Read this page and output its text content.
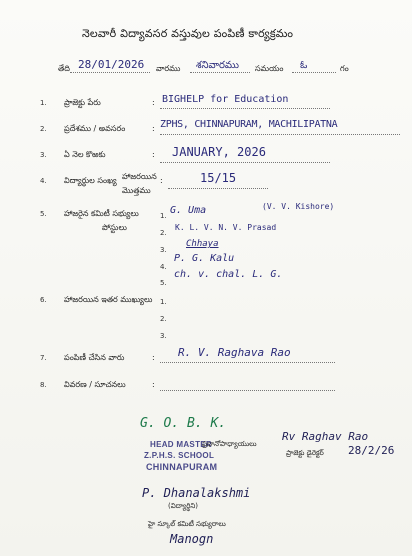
నెలవారీ విద్యావసర వస్తువుల పంపిణీ కార్యక్రమం
తేది 28/01/2026 వారము శనివారము సమయం ఓ	గం
1. ప్రాజెక్టు పేరు	: BIGHELP for Education
2. ప్రదేశము / అవసరం	: ZPHS, CHINNAPURAM, MACHILIPATNA
3. ఏ నెల కొఱకు	: JANUARY, 2026
4. విద్యార్థుల సంఖ్య హాజరయిన
మొత్తము
:	15/15
5. హాజరైన కమిటీ సభ్యులు
పోస్టులు
1. G. Uma	(V. V. Kishore)
2.
K. L. V. N. V. Prasad
3.
Chhaya
4.
P. G. Kalu
5.
ch. v. chal. L. G.
6. హాజరయిన ఇతర ముఖ్యులు 1.
2.
3.
7. పంపిణీ చేసిన వారు	: R. V. Raghava Rao
8. వివరణ / సూచనలు	:
G. O. B. K.
HEAD MASTER
Z.P.H.S. SCHOOL
CHINNAPURAM
ప్రధానోపాధ్యాయులు
Rv Raghav Rao
ప్రాజెక్టు డైరెక్టర్ 28/2/26
P. Dhanalakshmi
(విద్యార్థిని)
హై స్కూల్ కమిటీ సభ్యురాలు
Manogn
